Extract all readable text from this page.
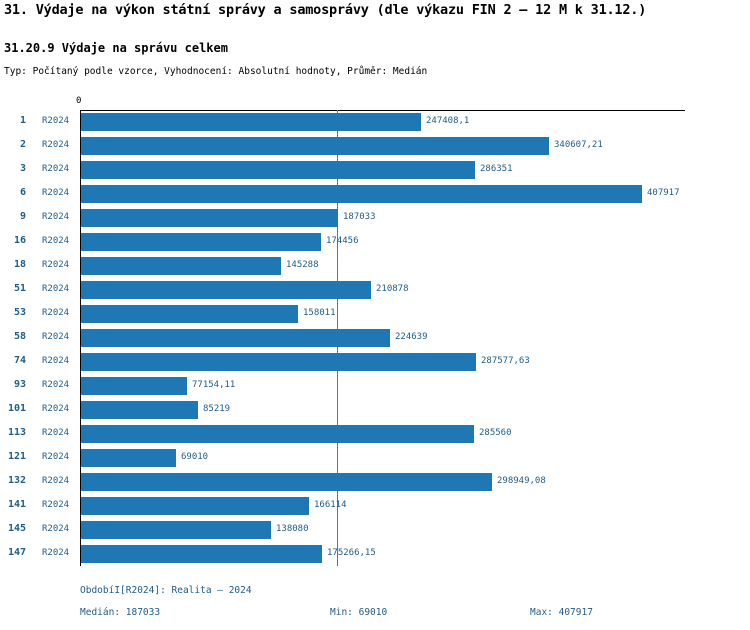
31. Výdaje na výkon státní správy a samosprávy (dle výkazu FIN 2 – 12 M k 31.12.)
31.20.9 Výdaje na správu celkem
Typ: Počítaný podle vzorce, Vyhodnocení: Absolutní hodnoty, Průměr: Medián
0
247408,1
340607,21
286351
407917
187033
174456
145288
210878
158011
224639
287577,63
77154,11
85219
285560
69010
298949,08
166114
138080
175266,15
ObdobíІ[R2024]: Realita – 2024
Medián: 187033	Min: 69010	Max: 407917
1 R2024
2 R2024
3 R2024
6 R2024
9 R2024
16 R2024
18 R2024
51 R2024
53 R2024
58 R2024
74 R2024
93 R2024
101 R2024
113 R2024
121 R2024
132 R2024
141 R2024
145 R2024
147 R2024
